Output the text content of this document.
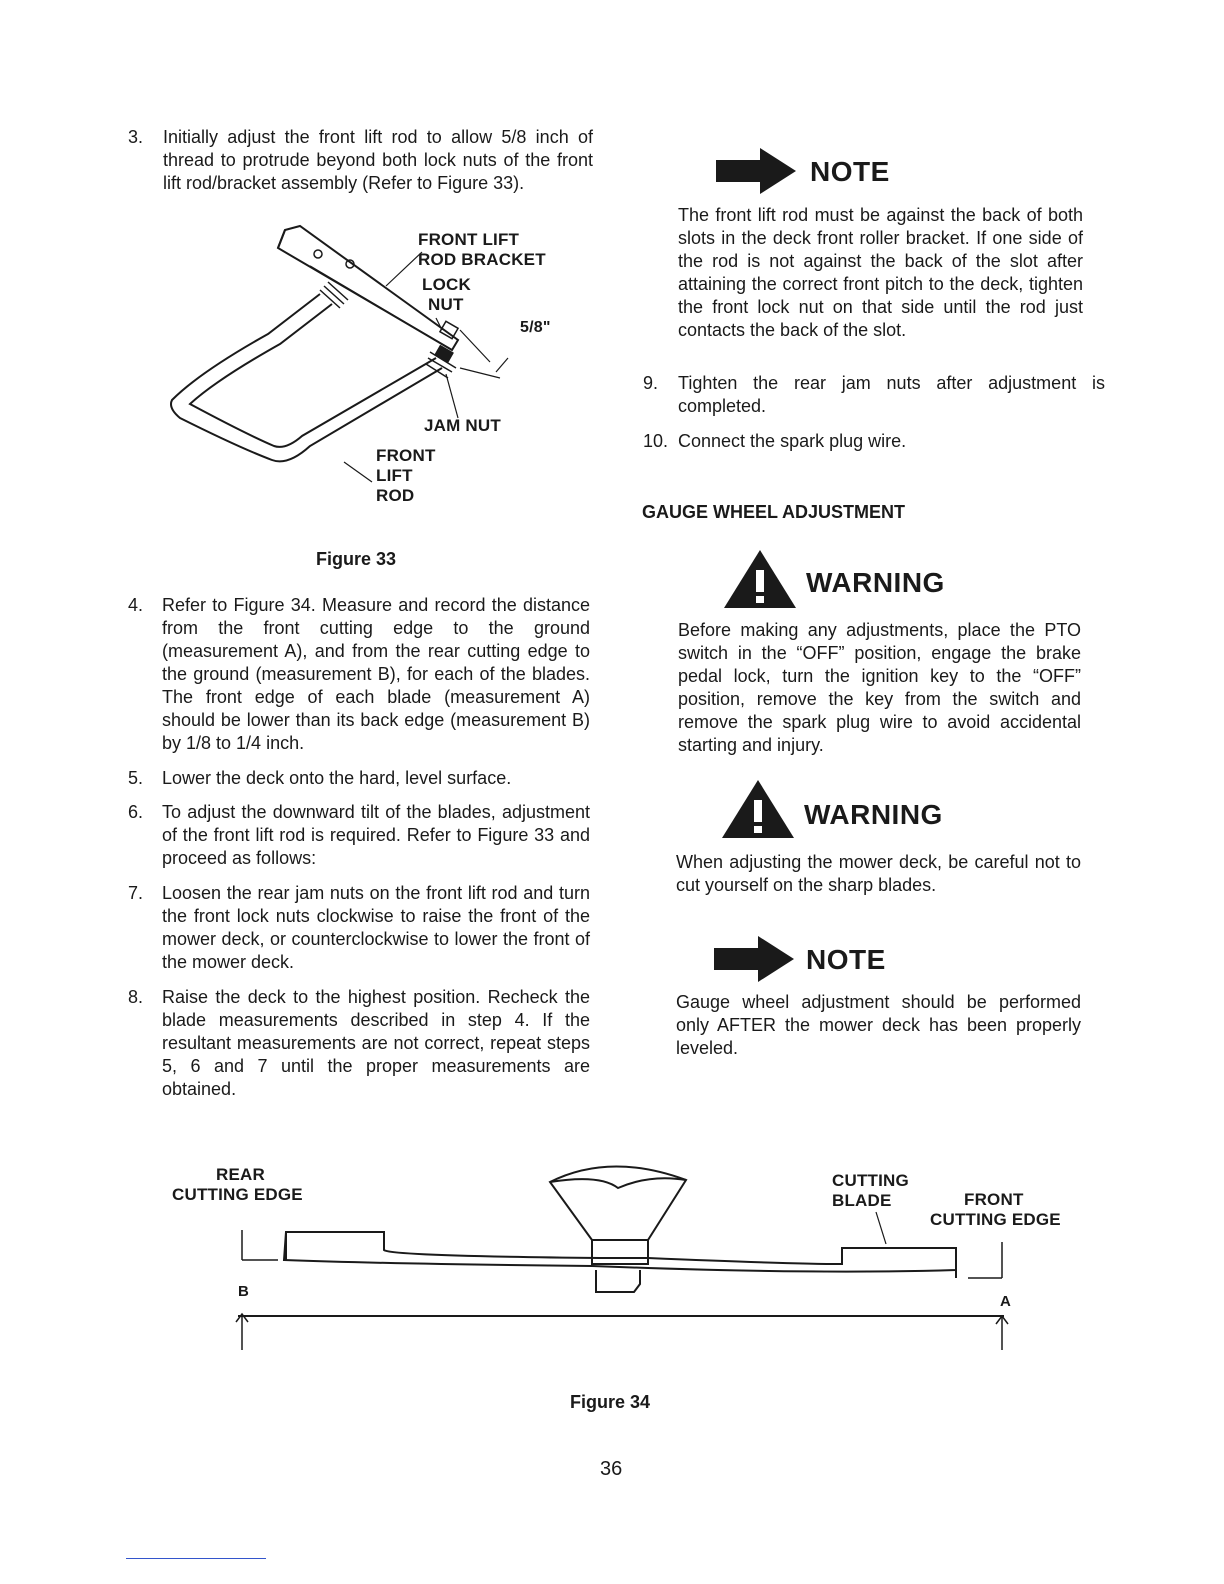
3. Initially adjust the front lift rod to allow 5/8 inch of thread to protrude beyond both lock nuts of the front lift rod/bracket assembly (Refer to Figure 33).
FRONT LIFT
ROD BRACKET
LOCK
NUT
5/8"
JAM NUT
FRONT
LIFT
ROD
Figure 33
4. Refer to Figure 34. Measure and record the distance from the front cutting edge to the ground (measurement A), and from the rear cutting edge to the ground (measurement B), for each of the blades. The front edge of each blade (measurement A) should be lower than its back edge (measurement B) by 1/8 to 1/4 inch.
5. Lower the deck onto the hard, level surface.
6. To adjust the downward tilt of the blades, adjustment of the front lift rod is required. Refer to Figure 33 and proceed as follows:
7. Loosen the rear jam nuts on the front lift rod and turn the front lock nuts clockwise to raise the front of the mower deck, or counterclockwise to lower the front of the mower deck.
8. Raise the deck to the highest position. Recheck the blade measurements described in step 4. If the resultant measurements are not correct, repeat steps 5, 6 and 7 until the proper measurements are obtained.
NOTE
The front lift rod must be against the back of both slots in the deck front roller bracket. If one side of the rod is not against the back of the slot after attaining the correct front pitch to the deck, tighten the front lock nut on that side until the rod just contacts the back of the slot.
9. Tighten the rear jam nuts after adjustment is completed.
10. Connect the spark plug wire.
GAUGE WHEEL ADJUSTMENT
WARNING
Before making any adjustments, place the PTO switch in the “OFF” position, engage the brake pedal lock, turn the ignition key to the “OFF” position, remove the key from the switch and remove the spark plug wire to avoid accidental starting and injury.
WARNING
When adjusting the mower deck, be careful not to cut yourself on the sharp blades.
NOTE
Gauge wheel adjustment should be performed only AFTER the mower deck has been properly leveled.
REAR
CUTTING EDGE
CUTTING
BLADE	FRONT
CUTTING EDGE
B
A
Figure 34
36
